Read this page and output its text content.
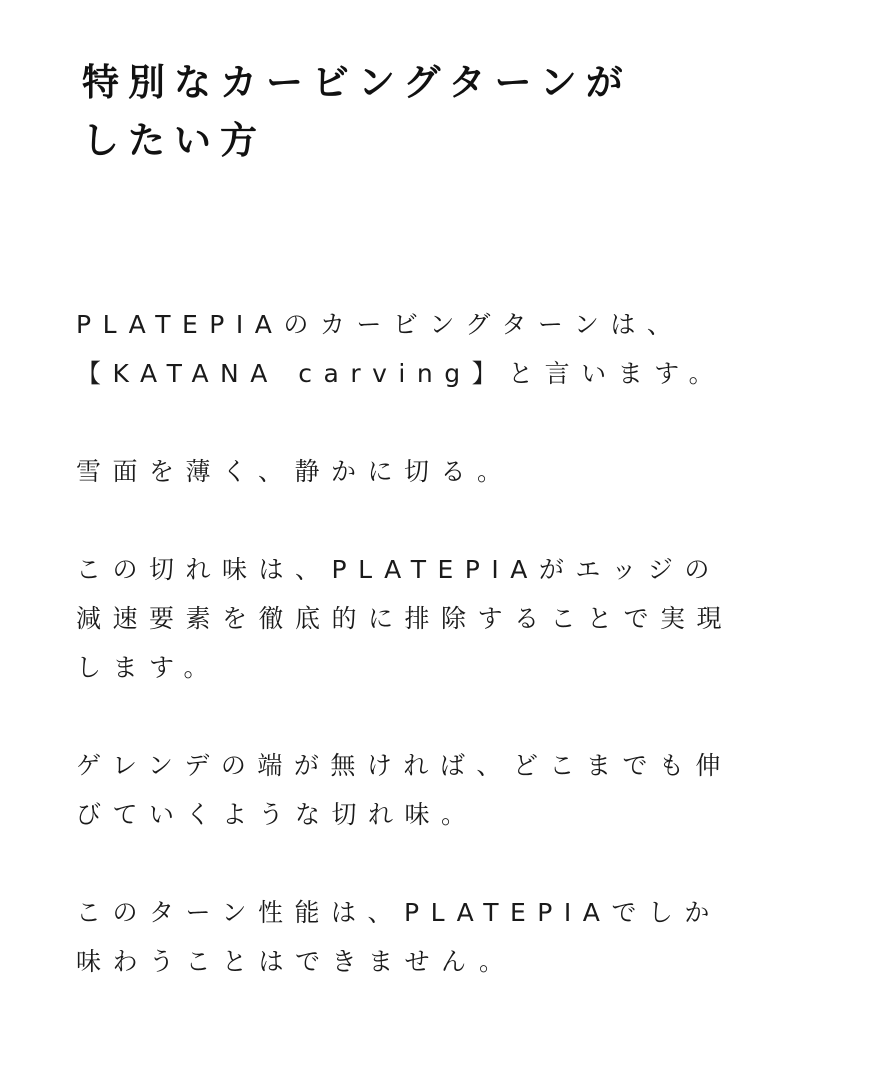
特別なカービングターンが
したい方

PLATEPIAのカービングターンは、
【KATANA carving】と言います。

雪面を薄く、静かに切る。

この切れ味は、PLATEPIAがエッジの
減速要素を徹底的に排除することで実現
します。

ゲレンデの端が無ければ、どこまでも伸
びていくような切れ味。

このターン性能は、PLATEPIAでしか
味わうことはできません。
